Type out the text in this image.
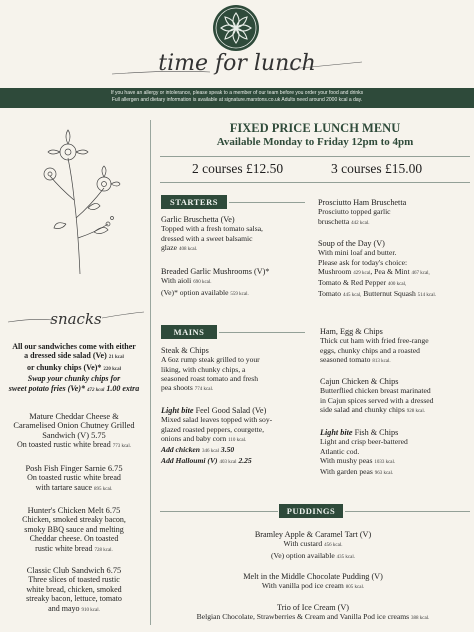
time for lunch
If you have an allergy or intolerance, please speak to a member of our team before you order your food and drinks
Full allergen and dietary information is available at signature.marstons.co.uk Adults need around 2000 kcal a day.
snacks
All our sandwiches come with either
a dressed side salad (Ve) 21 kcal
or chunky chips (Ve)* 220 kcal
Swap your chunky chips for
sweet potato fries (Ve)* 472 kcal 1.00 extra
Mature Cheddar Cheese &
Caramelised Onion Chutney Grilled
Sandwich (V) 5.75
On toasted rustic white bread 773 kcal.
Posh Fish Finger Sarnie 6.75
On toasted rustic white bread
with tartare sauce 895 kcal.
Hunter's Chicken Melt 6.75
Chicken, smoked streaky bacon,
smoky BBQ sauce and melting
Cheddar cheese. On toasted
rustic white bread 728 kcal.
Classic Club Sandwich 6.75
Three slices of toasted rustic
white bread, chicken, smoked
streaky bacon, lettuce, tomato
and mayo 910 kcal.
FIXED PRICE LUNCH MENU
Available Monday to Friday 12pm to 4pm
2 courses £12.50	3 courses £15.00
STARTERS
Garlic Bruschetta (Ve)
Topped with a fresh tomato salsa,
dressed with a sweet balsamic
glaze 408 kcal.
Breaded Garlic Mushrooms (V)*
With aioli 690 kcal.
(Ve)* option available 559 kcal.
Prosciutto Ham Bruschetta
Prosciutto topped garlic
bruschetta 442 kcal.
Soup of the Day (V)
With mini loaf and butter.
Please ask for today's choice:
Mushroom 429 kcal, Pea & Mint 467 kcal,
Tomato & Red Pepper 400 kcal,
Tomato 445 kcal, Butternut Squash 514 kcal.
MAINS
Steak & Chips
A 6oz rump steak grilled to your
liking, with chunky chips, a
seasoned roast tomato and fresh
pea shoots 774 kcal.
Light bite Feel Good Salad (Ve)
Mixed salad leaves topped with soy-
glazed roasted peppers, courgette,
onions and baby corn 110 kcal.
Add chicken 346 kcal 3.50
Add Halloumi (V) 403 kcal 2.25
Ham, Egg & Chips
Thick cut ham with fried free-range
eggs, chunky chips and a roasted
seasoned tomato 813 kcal.
Cajun Chicken & Chips
Butterflied chicken breast marinated
in Cajun spices served with a dressed
side salad and chunky chips 928 kcal.
Light bite Fish & Chips
Light and crisp beer-battered
Atlantic cod.
With mushy peas 1033 kcal.
With garden peas 963 kcal.
PUDDINGS
Bramley Apple & Caramel Tart (V)
With custard 456 kcal.
(Ve) option available 435 kcal.
Melt in the Middle Chocolate Pudding (V)
With vanilla pod ice cream 805 kcal.
Trio of Ice Cream (V)
Belgian Chocolate, Strawberries & Cream and Vanilla Pod ice creams 388 kcal.
